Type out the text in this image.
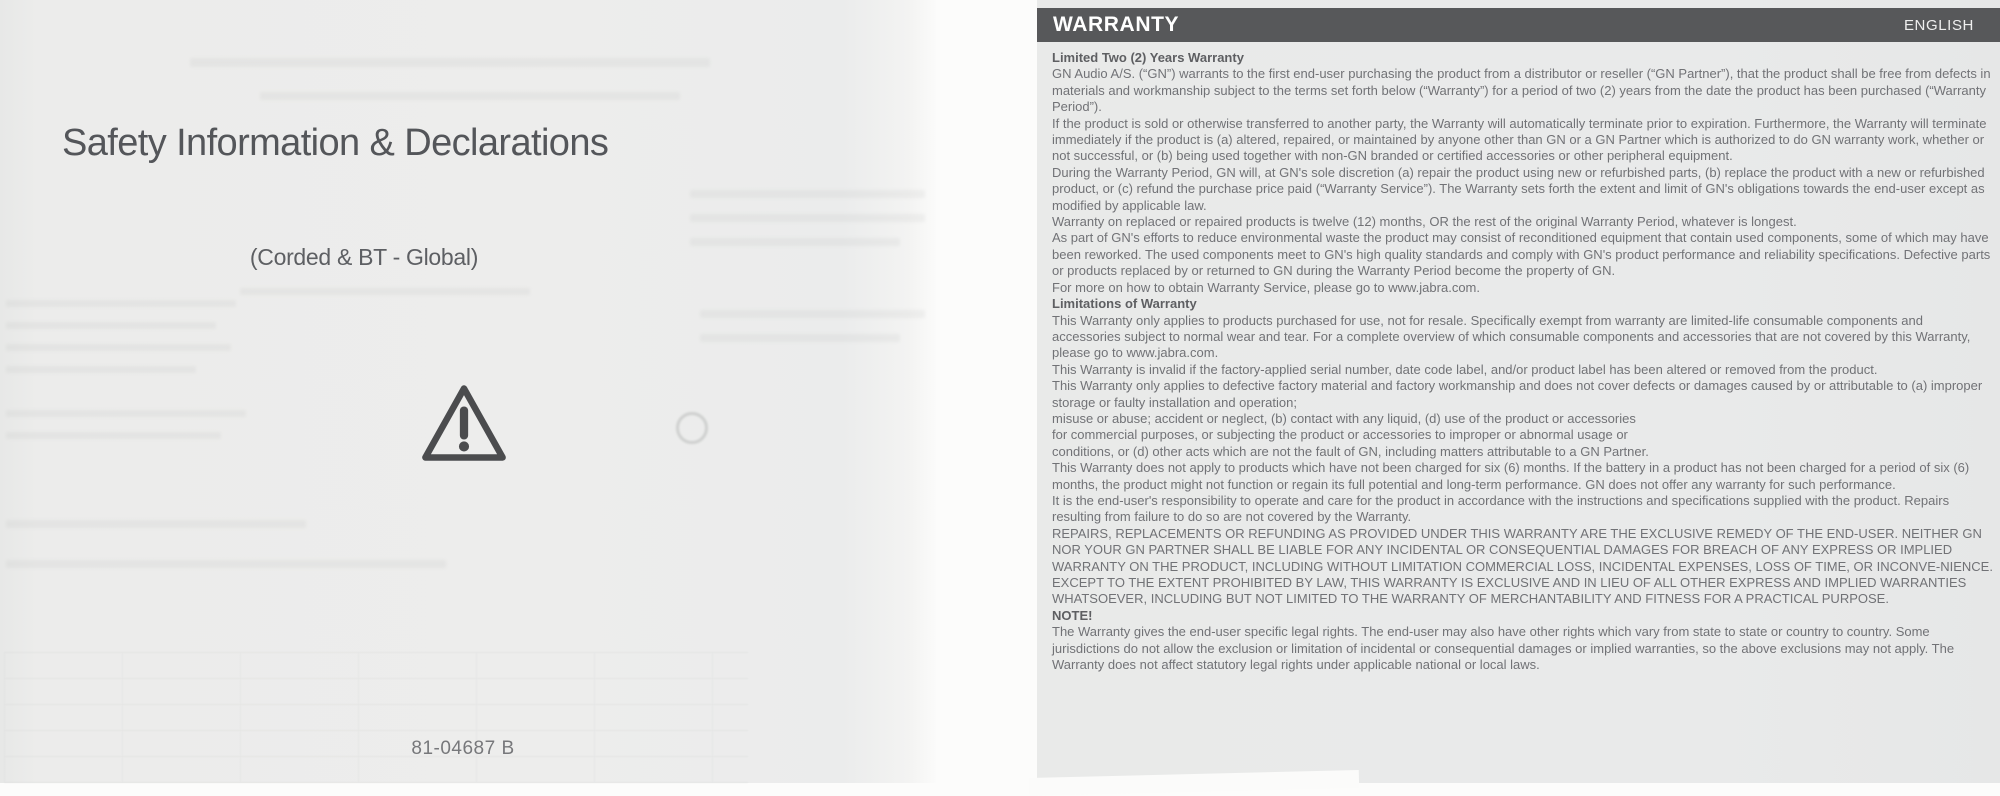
Safety Information & Declarations
(Corded & BT - Global)
81-04687 B
WARRANTY	ENGLISH

Limited Two (2) Years Warranty

GN Audio A/S. (“GN”) warrants to the first end-user purchasing the product from a distributor or reseller (“GN Partner”), that the product shall be free from defects in materials and workmanship subject to the terms set forth below (“Warranty”) for a period of two (2) years from the date the product has been purchased (“Warranty Period”).

If the product is sold or otherwise transferred to another party, the Warranty will automatically terminate prior to expiration. Furthermore, the Warranty will terminate immediately if the product is (a) altered, repaired, or maintained by anyone other than GN or a GN Partner which is authorized to do GN warranty work, whether or not successful, or (b) being used together with non-GN branded or certified accessories or other peripheral equipment.

During the Warranty Period, GN will, at GN's sole discretion (a) repair the product using new or refurbished parts, (b) replace the product with a new or refurbished product, or (c) refund the purchase price paid (“Warranty Service”). The Warranty sets forth the extent and limit of GN's obligations towards the end-user except as modified by applicable law.

Warranty on replaced or repaired products is twelve (12) months, OR the rest of the original Warranty Period, whatever is longest.

As part of GN's efforts to reduce environmental waste the product may consist of reconditioned equipment that contain used components, some of which may have been reworked. The used components meet to GN's high quality standards and comply with GN's product performance and reliability specifications. Defective parts or products replaced by or returned to GN during the Warranty Period become the property of GN.

For more on how to obtain Warranty Service, please go to www.jabra.com.

Limitations of Warranty

This Warranty only applies to products purchased for use, not for resale. Specifically exempt from warranty are limited-life consumable components and accessories subject to normal wear and tear. For a complete overview of which consumable components and accessories that are not covered by this Warranty, please go to www.jabra.com.

This Warranty is invalid if the factory-applied serial number, date code label, and/or product label has been altered or removed from the product.

This Warranty only applies to defective factory material and factory workmanship and does not cover defects or damages caused by or attributable to (a) improper storage or faulty installation and operation;

misuse or abuse; accident or neglect, (b) contact with any liquid, (d) use of the product or accessories

for commercial purposes, or subjecting the product or accessories to improper or abnormal usage or

conditions, or (d) other acts which are not the fault of GN, including matters attributable to a GN Partner.

This Warranty does not apply to products which have not been charged for six (6) months. If the battery in a product has not been charged for a period of six (6) months, the product might not function or regain its full potential and long-term performance. GN does not offer any warranty for such performance.

It is the end-user's responsibility to operate and care for the product in accordance with the instructions and specifications supplied with the product. Repairs resulting from failure to do so are not covered by the Warranty.

REPAIRS, REPLACEMENTS OR REFUNDING AS PROVIDED UNDER THIS WARRANTY ARE THE EXCLUSIVE REMEDY OF THE END-USER. NEITHER GN NOR YOUR GN PARTNER SHALL BE LIABLE FOR ANY INCIDENTAL OR CONSEQUENTIAL DAMAGES FOR BREACH OF ANY EXPRESS OR IMPLIED WARRANTY ON THE PRODUCT, INCLUDING WITHOUT LIMITATION COMMERCIAL LOSS, INCIDENTAL EXPENSES, LOSS OF TIME, OR INCONVE-NIENCE. EXCEPT TO THE EXTENT PROHIBITED BY LAW, THIS WARRANTY IS EXCLUSIVE AND IN LIEU OF ALL OTHER EXPRESS AND IMPLIED WARRANTIES WHATSOEVER, INCLUDING BUT NOT LIMITED TO THE WARRANTY OF MERCHANTABILITY AND FITNESS FOR A PRACTICAL PURPOSE.

NOTE!

The Warranty gives the end-user specific legal rights. The end-user may also have other rights which vary from state to state or country to country. Some jurisdictions do not allow the exclusion or limitation of incidental or consequential damages or implied warranties, so the above exclusions may not apply. The Warranty does not affect statutory legal rights under applicable national or local laws.
